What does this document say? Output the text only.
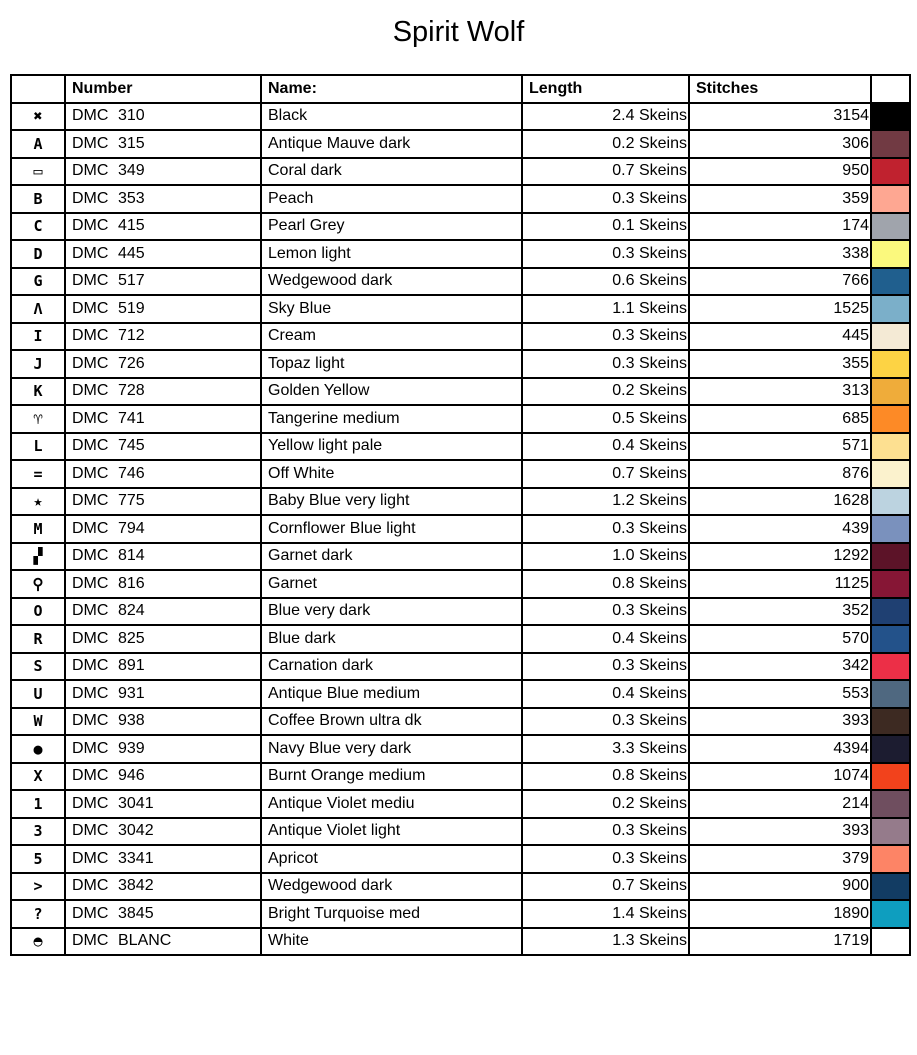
Spirit Wolf
	Number	Name:	Length	Stitches	
✖	DMC 310	Black	2.4 Skeins	3154	
A	DMC 315	Antique Mauve dark	0.2 Skeins	306	
▭	DMC 349	Coral dark	0.7 Skeins	950	
B	DMC 353	Peach	0.3 Skeins	359	
C	DMC 415	Pearl Grey	0.1 Skeins	174	
D	DMC 445	Lemon light	0.3 Skeins	338	
G	DMC 517	Wedgewood dark	0.6 Skeins	766	
Λ	DMC 519	Sky Blue	1.1 Skeins	1525	
I	DMC 712	Cream	0.3 Skeins	445	
J	DMC 726	Topaz light	0.3 Skeins	355	
K	DMC 728	Golden Yellow	0.2 Skeins	313	
♈	DMC 741	Tangerine medium	0.5 Skeins	685	
L	DMC 745	Yellow light pale	0.4 Skeins	571	
=	DMC 746	Off White	0.7 Skeins	876	
★	DMC 775	Baby Blue very light	1.2 Skeins	1628	
M	DMC 794	Cornflower Blue light	0.3 Skeins	439	
▞	DMC 814	Garnet dark	1.0 Skeins	1292	
⚲	DMC 816	Garnet	0.8 Skeins	1125	
O	DMC 824	Blue very dark	0.3 Skeins	352	
R	DMC 825	Blue dark	0.4 Skeins	570	
S	DMC 891	Carnation dark	0.3 Skeins	342	
U	DMC 931	Antique Blue medium	0.4 Skeins	553	
W	DMC 938	Coffee Brown ultra dk	0.3 Skeins	393	
●	DMC 939	Navy Blue very dark	3.3 Skeins	4394	
X	DMC 946	Burnt Orange medium	0.8 Skeins	1074	
1	DMC 3041	Antique Violet mediu	0.2 Skeins	214	
3	DMC 3042	Antique Violet light	0.3 Skeins	393	
5	DMC 3341	Apricot	0.3 Skeins	379	
>	DMC 3842	Wedgewood dark	0.7 Skeins	900	
?	DMC 3845	Bright Turquoise med	1.4 Skeins	1890	
◓	DMC BLANC	White	1.3 Skeins	1719	
